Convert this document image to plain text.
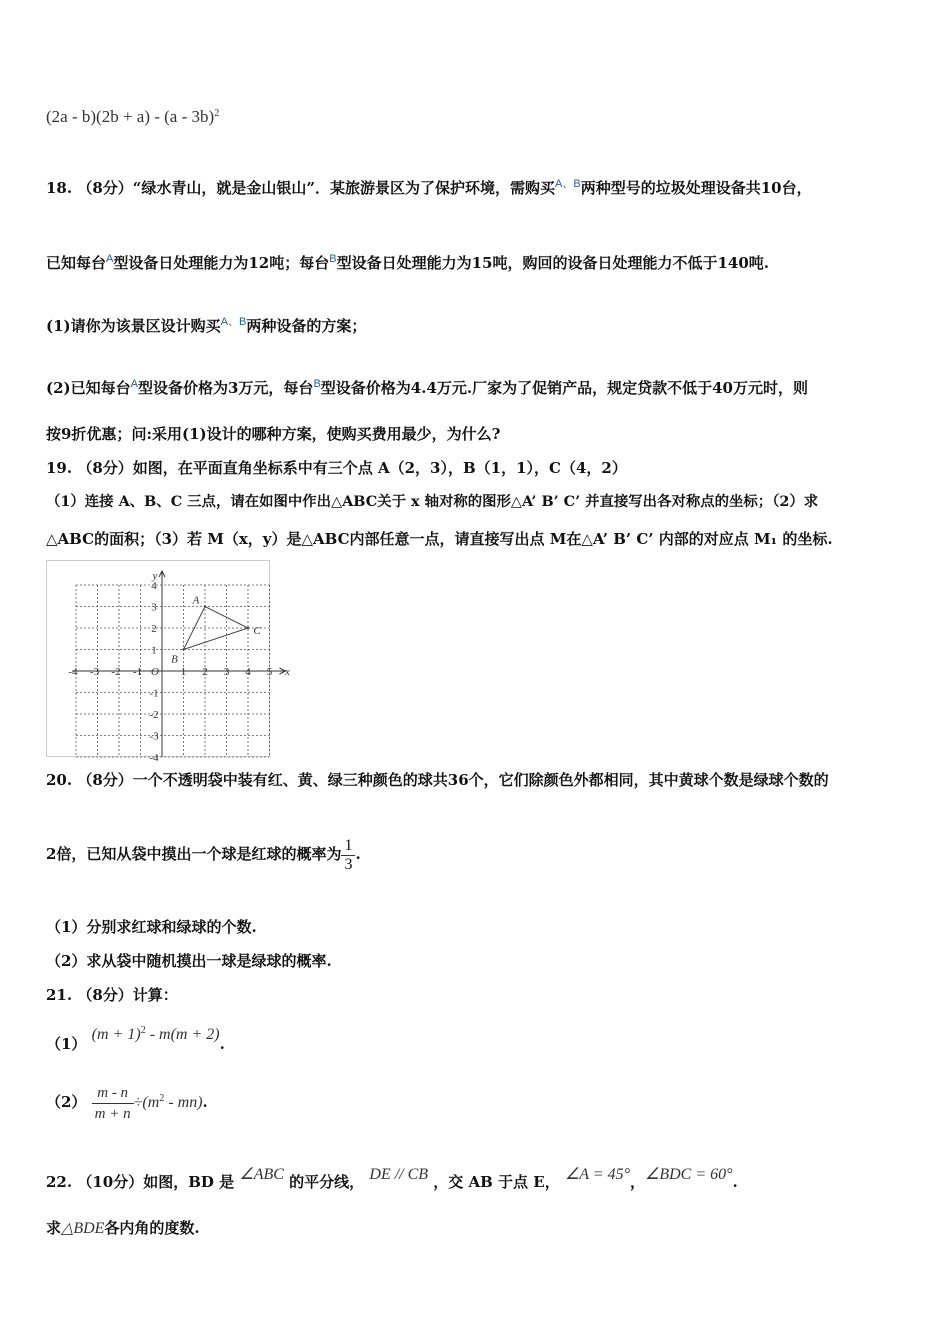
(2a - b)(2b + a) - (a - 3b)$^2$
18. （8分）“绿水青山，就是金山银山”．某旅游景区为了保护环境，需购买$^{A、B}$两种型号的垃圾处理设备共10台，
已知每台$^A$型设备日处理能力为12吨；每台$^B$型设备日处理能力为15吨，购回的设备日处理能力不低于140吨.
(1)请你为该景区设计购买$^{A、B}$两种设备的方案；
(2)已知每台$^A$型设备价格为3万元，每台$^B$型设备价格为4.4万元.厂家为了促销产品，规定贷款不低于40万元时，则
按9折优惠；问:采用(1)设计的哪种方案，使购买费用最少，为什么?
19. （8分）如图，在平面直角坐标系中有三个点 A（2，3），B（1，1），C（4，2）
（1）连接 A、B、C 三点，请在如图中作出△ABC关于 x 轴对称的图形△A’ B’ C’ 并直接写出各对称点的坐标；（2）求
△ABC的面积；（3）若 M（x，y）是△ABC内部任意一点，请直接写出点 M在△A’ B’ C’ 内部的对应点 M₁ 的坐标.
x
y
O
-4 -3 -2 -1	1 2 3 4 5
4
3
2
1
-1
-2
-3
-4
A
B
C
20. （8分）一个不透明袋中装有红、黄、绿三种颜色的球共36个，它们除颜色外都相同，其中黄球个数是绿球个数的
2倍，已知从袋中摸出一个球是红球的概率为 $\frac{1}{3}$ .
（1）分别求红球和绿球的个数.
（2）求从袋中随机摸出一球是绿球的概率.
21. （8分）计算：
（1） $(m + 1)^2 - m(m + 2)$.
$(2) \frac{m - n}{m + n} \div(m^2 - mn)$.
22. （10分）如图，BD 是 ∠ABC 的平分线， DE // CB ，交 AB 于点 E， ∠A = 45°，∠BDC = 60°.
求△BDE各内角的度数.
